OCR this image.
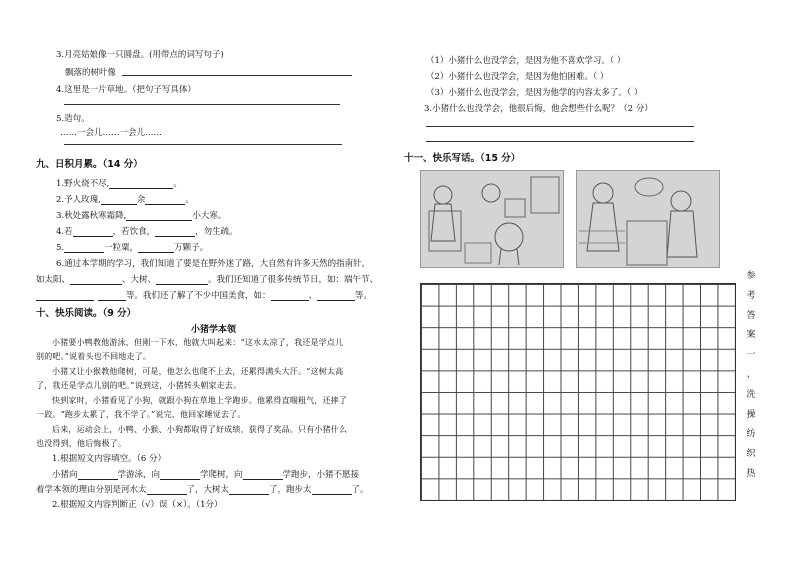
3.月亮姑娘像一只圆盘。(用带点的词写句子)
飘落的树叶像
4.这里是一片草地。（把句子写具体）
5.造句。
……一会儿……一会儿……
九、日积月累。（14 分）
1.野火烧不尽,	。
2.予人玫瑰,	余	。
3.秋处露秋寒霜降,	小大寒。
4.若	，若饮食，	，勿生疏。
5.	一粒粟，	万颗子。
6.通过本学期的学习，我们知道了要是在野外迷了路，大自然有许多天然的指南针，
如太阳、	、大树、	。我们还知道了很多传统节日，如：端午节、
等。我们还了解了不少中国美食，如：	、	等。
十、快乐阅读。（9 分）
小猪学本领
小猪要小鸭教他游泳，但刚一下水，他就大叫起来：“这水太凉了，我还是学点儿
别的吧。”说着头也不回地走了。
小猪又让小猴教他爬树，可是，他怎么也爬不上去，还累得满头大汗。“这树太高
了，我还是学点儿别的吧。”说到这，小猪转头朝家走去。
快到家时，小猪看见了小狗，就跟小狗在草地上学跑步。他累得直喘粗气，还摔了
一跤。“跑步太累了，我不学了。”说完，他回家睡觉去了。
后来，运动会上，小鸭、小猴、小狗都取得了好成绩，获得了奖品。只有小猪什么
也没得到，他后悔极了。
1.根据短文内容填空。（6 分）
小猪向	学游泳，向	学爬树，向	学跑步，小猪不愿接
着学本领的理由分别是河水太	了，大树太	了，跑步太	了。
2.根据短文内容判断正（√）误（×）。（1分）
（1）小猪什么也没学会，是因为他不喜欢学习。（ ）
（2）小猪什么也没学会，是因为他怕困难。（ ）
（3）小猪什么也没学会，是因为他学的内容太多了。（ ）
3.小猪什么也没学会，他很后悔，他会想些什么呢？（2 分）
十一、快乐写话。（15 分）
参
考
答
案
一
、
洗
操
纺
织
热
